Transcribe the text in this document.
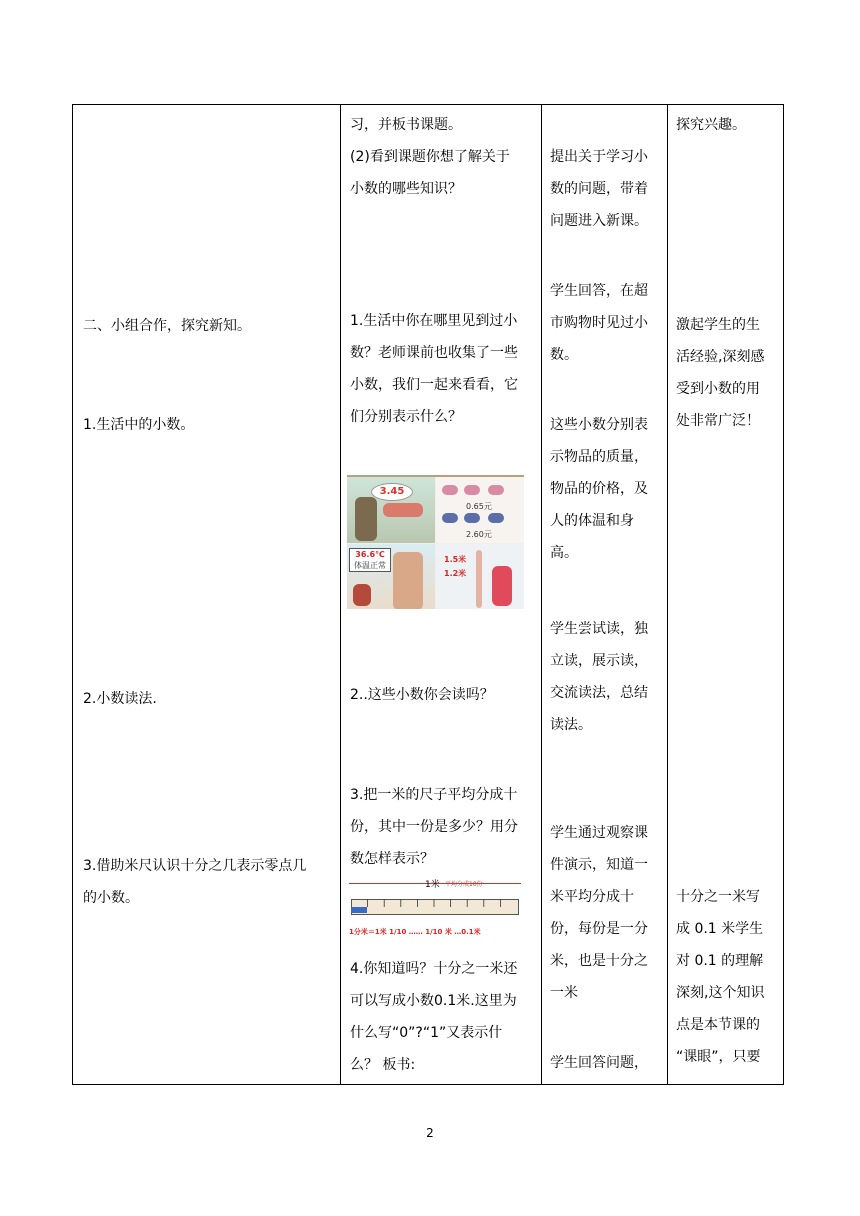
二、小组合作，探究新知。
1.生活中的小数。
2.小数读法.
3.借助米尺认识十分之几表示零点几
的小数。

习，并板书课题。
(2)看到课题你想了解关于
小数的哪些知识？
1.生活中你在哪里见到过小
数？老师课前也收集了一些
小数，我们一起来看看，它
们分别表示什么？
3.45
0.65元
2.60元
36.6℃
体温正常
1.5米
1.2米
2..这些小数你会读吗？
3.把一米的尺子平均分成十
份，其中一份是多少？用分
数怎样表示？
1米 平均分成10份
1分米＝1米 1/10 …… 1/10 米 …0.1米
4.你知道吗？十分之一米还
可以写成小数0.1米.这里为
什么写“0”?“1”又表示什
么？ 板书:

提出关于学习小
数的问题，带着
问题进入新课。
学生回答，在超
市购物时见过小
数。
这些小数分别表
示物品的质量，
物品的价格，及
人的体温和身
高。
学生尝试读，独
立读，展示读，
交流读法，总结
读法。
学生通过观察课
件演示，知道一
米平均分成十
份，每份是一分
米，也是十分之
一米
学生回答问题，

探究兴趣。
激起学生的生
活经验,深刻感
受到小数的用
处非常广泛！
十分之一米写
成 0.1 米学生
对 0.1 的理解
深刻,这个知识
点是本节课的
“课眼”，只要
2
